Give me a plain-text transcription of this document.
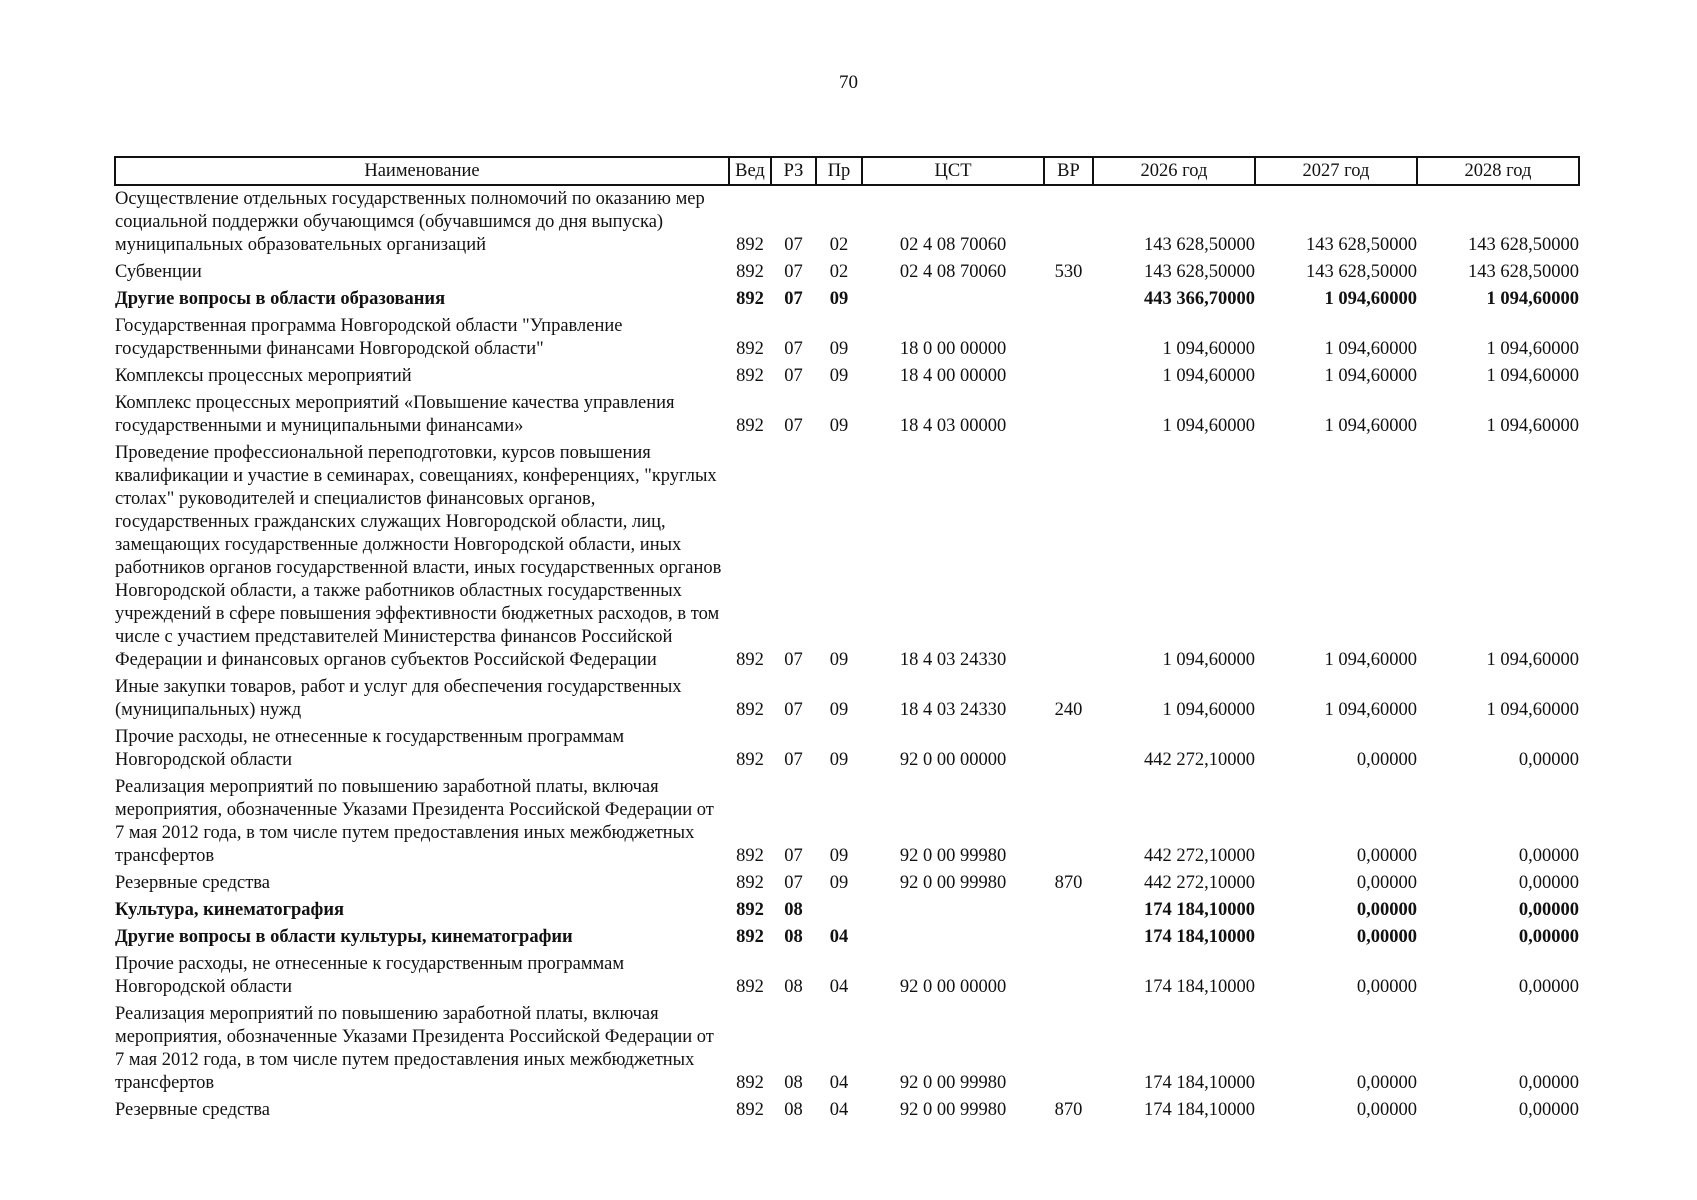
70
Наименование	Вед	РЗ	Пр	ЦСТ	ВР	2026 год	2027 год	2028 год
Осуществление отдельных государственных полномочий по оказанию мер социальной поддержки обучающимся (обучавшимся до дня выпуска) муниципальных образовательных организаций	892	07	02	02 4 08 70060		143 628,50000	143 628,50000	143 628,50000
Субвенции	892	07	02	02 4 08 70060	530	143 628,50000	143 628,50000	143 628,50000
Другие вопросы в области образования	892	07	09			443 366,70000	1 094,60000	1 094,60000
Государственная программа Новгородской области "Управление государственными финансами Новгородской области"	892	07	09	18 0 00 00000		1 094,60000	1 094,60000	1 094,60000
Комплексы процессных мероприятий	892	07	09	18 4 00 00000		1 094,60000	1 094,60000	1 094,60000
Комплекс процессных мероприятий «Повышение качества управления государственными и муниципальными финансами»	892	07	09	18 4 03 00000		1 094,60000	1 094,60000	1 094,60000
Проведение профессиональной переподготовки, курсов повышения квалификации и участие в семинарах, совещаниях, конференциях, "круглых столах" руководителей и специалистов финансовых органов, государственных гражданских служащих Новгородской области, лиц, замещающих государственные должности Новгородской области, иных работников органов государственной власти, иных государственных органов Новгородской области, а также работников областных государственных учреждений в сфере повышения эффективности бюджетных расходов, в том числе с участием представителей Министерства финансов Российской Федерации и финансовых органов субъектов Российской Федерации	892	07	09	18 4 03 24330		1 094,60000	1 094,60000	1 094,60000
Иные закупки товаров, работ и услуг для обеспечения государственных (муниципальных) нужд	892	07	09	18 4 03 24330	240	1 094,60000	1 094,60000	1 094,60000
Прочие расходы, не отнесенные к государственным программам Новгородской области	892	07	09	92 0 00 00000		442 272,10000	0,00000	0,00000
Реализация мероприятий по повышению заработной платы, включая мероприятия, обозначенные Указами Президента Российской Федерации от 7 мая 2012 года, в том числе путем предоставления иных межбюджетных трансфертов	892	07	09	92 0 00 99980		442 272,10000	0,00000	0,00000
Резервные средства	892	07	09	92 0 00 99980	870	442 272,10000	0,00000	0,00000
Культура, кинематография	892	08				174 184,10000	0,00000	0,00000
Другие вопросы в области культуры, кинематографии	892	08	04			174 184,10000	0,00000	0,00000
Прочие расходы, не отнесенные к государственным программам Новгородской области	892	08	04	92 0 00 00000		174 184,10000	0,00000	0,00000
Реализация мероприятий по повышению заработной платы, включая мероприятия, обозначенные Указами Президента Российской Федерации от 7 мая 2012 года, в том числе путем предоставления иных межбюджетных трансфертов	892	08	04	92 0 00 99980		174 184,10000	0,00000	0,00000
Резервные средства	892	08	04	92 0 00 99980	870	174 184,10000	0,00000	0,00000
